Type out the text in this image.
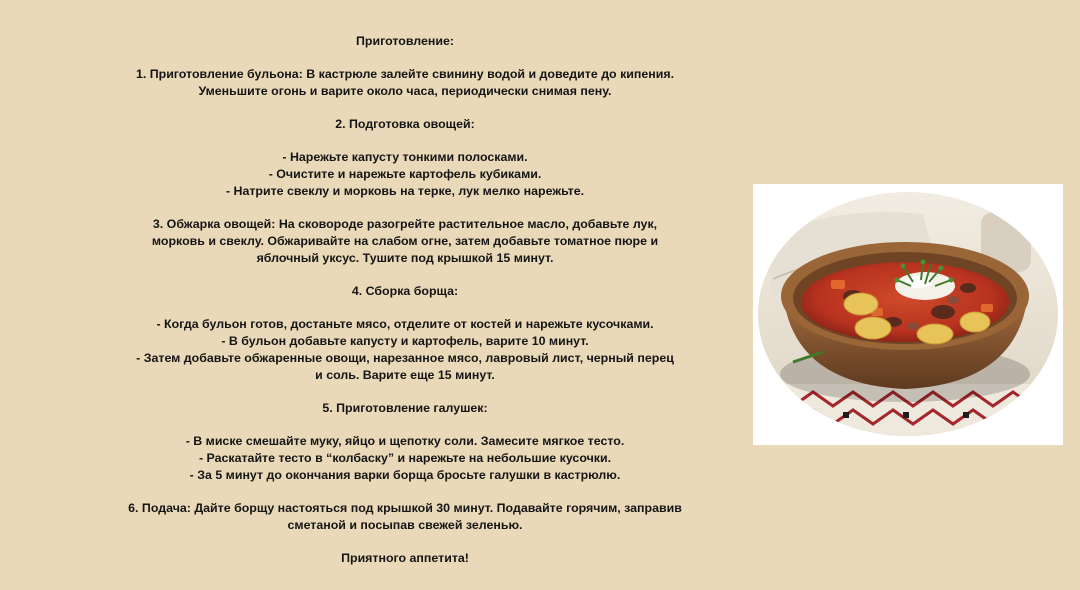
Приготовление:
1. Приготовление бульона: В кастрюле залейте свинину водой и доведите до кипения.
Уменьшите огонь и варите около часа, периодически снимая пену.
2. Подготовка овощей:
- Нарежьте капусту тонкими полосками.
- Очистите и нарежьте картофель кубиками.
- Натрите свеклу и морковь на терке, лук мелко нарежьте.
3. Обжарка овощей: На сковороде разогрейте растительное масло, добавьте лук,
морковь и свеклу. Обжаривайте на слабом огне, затем добавьте томатное пюре и
яблочный уксус. Тушите под крышкой 15 минут.
4. Сборка борща:
- Когда бульон готов, достаньте мясо, отделите от костей и нарежьте кусочками.
- В бульон добавьте капусту и картофель, варите 10 минут.
- Затем добавьте обжаренные овощи, нарезанное мясо, лавровый лист, черный перец
и соль. Варите еще 15 минут.
5. Приготовление галушек:
- В миске смешайте муку, яйцо и щепотку соли. Замесите мягкое тесто.
- Раскатайте тесто в “колбаску” и нарежьте на небольшие кусочки.
- За 5 минут до окончания варки борща бросьте галушки в кастрюлю.
6. Подача: Дайте борщу настояться под крышкой 30 минут. Подавайте горячим, заправив
сметаной и посыпав свежей зеленью.
Приятного аппетита!
